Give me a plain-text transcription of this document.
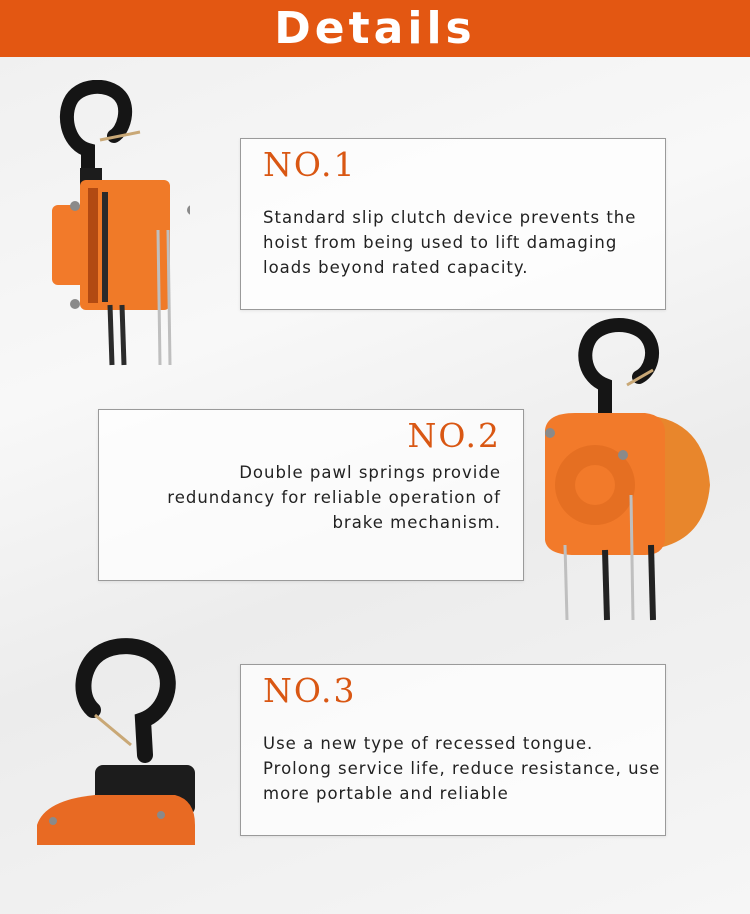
Details
NO.1
Standard slip clutch device prevents the
hoist from being used to lift damaging
loads beyond rated capacity.
NO.2
Double pawl springs provide
redundancy for reliable operation of
brake mechanism.
NO.3
Use a new type of recessed tongue.
Prolong service life, reduce resistance, use
more portable and reliable
